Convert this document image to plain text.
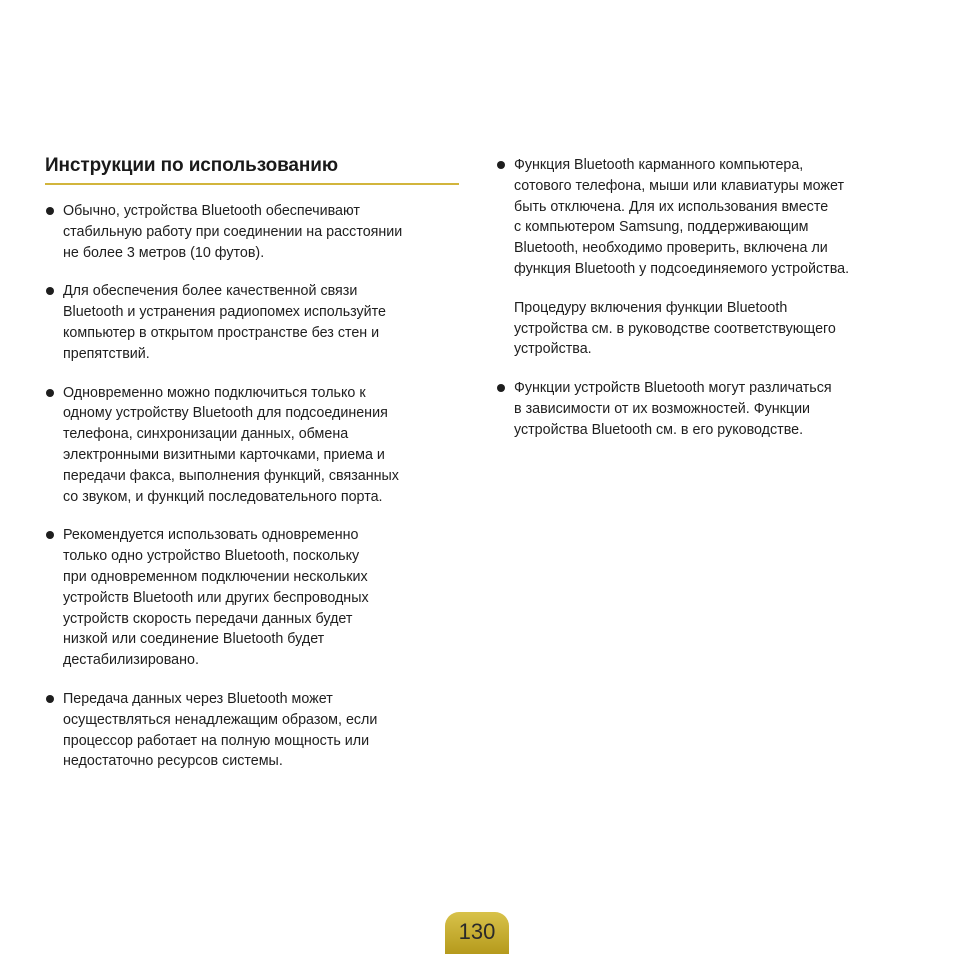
Инструкции по использованию
Обычно, устройства Bluetooth обеспечивают
стабильную работу при соединении на расстоянии
не более 3 метров (10 футов).
Для обеспечения более качественной связи
Bluetooth и устранения радиопомех используйте
компьютер в открытом пространстве без стен и
препятствий.
Одновременно можно подключиться только к
одному устройству Bluetooth для подсоединения
телефона, синхронизации данных, обмена
электронными визитными карточками, приема и
передачи факса, выполнения функций, связанных
со звуком, и функций последовательного порта.
Рекомендуется использовать одновременно
только одно устройство Bluetooth, поскольку
при одновременном подключении нескольких
устройств Bluetooth или других беспроводных
устройств скорость передачи данных будет
низкой или соединение Bluetooth будет
дестабилизировано.
Передача данных через Bluetooth может
осуществляться ненадлежащим образом, если
процессор работает на полную мощность или
недостаточно ресурсов системы.
Функция Bluetooth карманного компьютера,
сотового телефона, мыши или клавиатуры может
быть отключена. Для их использования вместе
с компьютером Samsung, поддерживающим
Bluetooth, необходимо проверить, включена ли
функция Bluetooth у подсоединяемого устройства.
Процедуру включения функции Bluetooth
устройства см. в руководстве соответствующего
устройства.
Функции устройств Bluetooth могут различаться
в зависимости от их возможностей. Функции
устройства Bluetooth см. в его руководстве.
130
